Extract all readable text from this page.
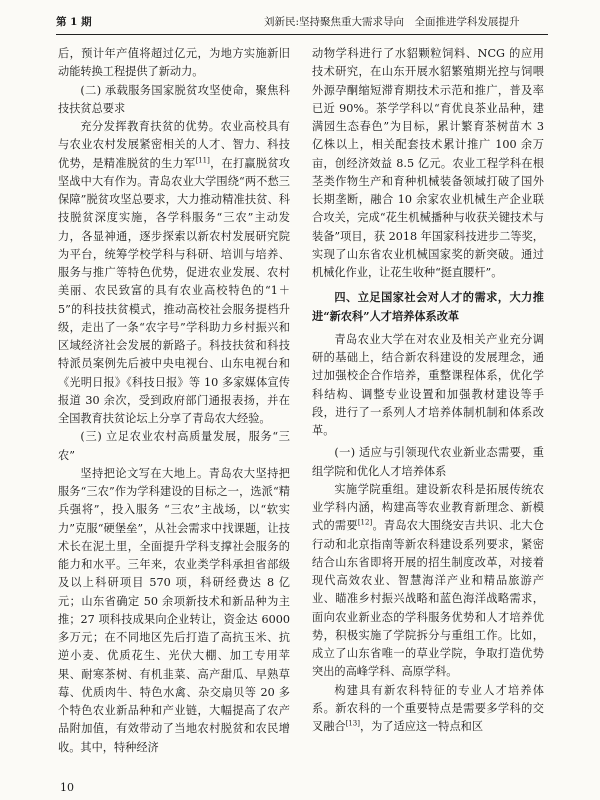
第 1 期	刘新民:坚持聚焦重大需求导向　全面推进学科发展提升

后，预计年产值将超过亿元，为地方实施新旧动能转换工程提供了新动力。

(二) 承载服务国家脱贫攻坚使命，聚焦科技扶贫总要求

充分发挥教育扶贫的优势。农业高校具有与农业农村发展紧密相关的人才、智力、科技优势，是精准脱贫的生力军[11]，在打赢脱贫攻坚战中大有作为。青岛农业大学围绕“两不愁三保障”脱贫攻坚总要求，大力推动精准扶贫、科技脱贫深度实施，各学科服务“三农”主动发力，各显神通，逐步探索以新农村发展研究院为平台，统筹学校学科与科研、培训与培养、服务与推广等特色优势，促进农业发展、农村美丽、农民致富的具有农业高校特色的“1＋5”的科技扶贫模式，推动高校社会服务提档升级，走出了一条“农字号”学科助力乡村振兴和区域经济社会发展的新路子。科技扶贫和科技特派员案例先后被中央电视台、山东电视台和《光明日报》《科技日报》等 10 多家媒体宣传报道 30 余次，受到政府部门通报表扬，并在全国教育扶贫论坛上分享了青岛农大经验。

(三) 立足农业农村高质量发展，服务“三农”

坚持把论文写在大地上。青岛农大坚持把服务“三农”作为学科建设的目标之一，选派“精兵强将”，投入服务 “三农”主战场，以“软实力”克服“硬堡垒”，从社会需求中找课题，让技术长在泥土里，全面提升学科支撑社会服务的能力和水平。三年来，农业类学科承担省部级及以上科研项目 570 项，科研经费达 8 亿元；山东省确定 50 余项新技术和新品种为主推；27 项科技成果向企业转让，资金达 6000 多万元；在不同地区先后打造了高抗玉米、抗逆小麦、优质花生、光伏大棚、加工专用苹果、耐寒茶树、有机韭菜、高产甜瓜、早熟草莓、优质肉牛、特色水禽、杂交扇贝等 20 多个特色农业新品种和产业链，大幅提高了农产品附加值，有效带动了当地农村脱贫和农民增收。其中，特种经济

动物学科进行了水貂颗粒饲料、NCG 的应用技术研究，在山东开展水貂繁殖期光控与饲喂外源孕酮缩短滞育期技术示范和推广，普及率已近 90%。茶学学科以“育优良茶业品种，建满园生态春色”为目标，累计繁育茶树苗木 3 亿株以上，相关配套技术累计推广 100 余万亩，创经济效益 8.5 亿元。农业工程学科在根茎类作物生产和育种机械装备领域打破了国外长期垄断，融合 10 余家农业机械生产企业联合攻关，完成“花生机械播种与收获关键技术与装备”项目，获 2018 年国家科技进步二等奖，实现了山东省农业机械国家奖的新突破。通过机械化作业，让花生收种“挺直腰杆”。

四、立足国家社会对人才的需求，大力推进“新农科”人才培养体系改革

青岛农业大学在对农业及相关产业充分调研的基础上，结合新农科建设的发展理念，通过加强校企合作培养，重整课程体系，优化学科结构、调整专业设置和加强教材建设等手段，进行了一系列人才培养体制机制和体系改革。

(一) 适应与引领现代农业新业态需要，重组学院和优化人才培养体系

实施学院重组。建设新农科是拓展传统农业学科内涵，构建高等农业教育新理念、新模式的需要[12]。青岛农大围绕安吉共识、北大仓行动和北京指南等新农科建设系列要求，紧密结合山东省即将开展的招生制度改革，对接着现代高效农业、智慧海洋产业和精品旅游产业、瞄准乡村振兴战略和蓝色海洋战略需求，面向农业新业态的学科服务优势和人才培养优势，积极实施了学院拆分与重组工作。比如，成立了山东省唯一的草业学院，争取打造优势突出的高峰学科、高原学科。

构建具有新农科特征的专业人才培养体系。新农科的一个重要特点是需要多学科的交叉融合[13]，为了适应这一特点和区

10
